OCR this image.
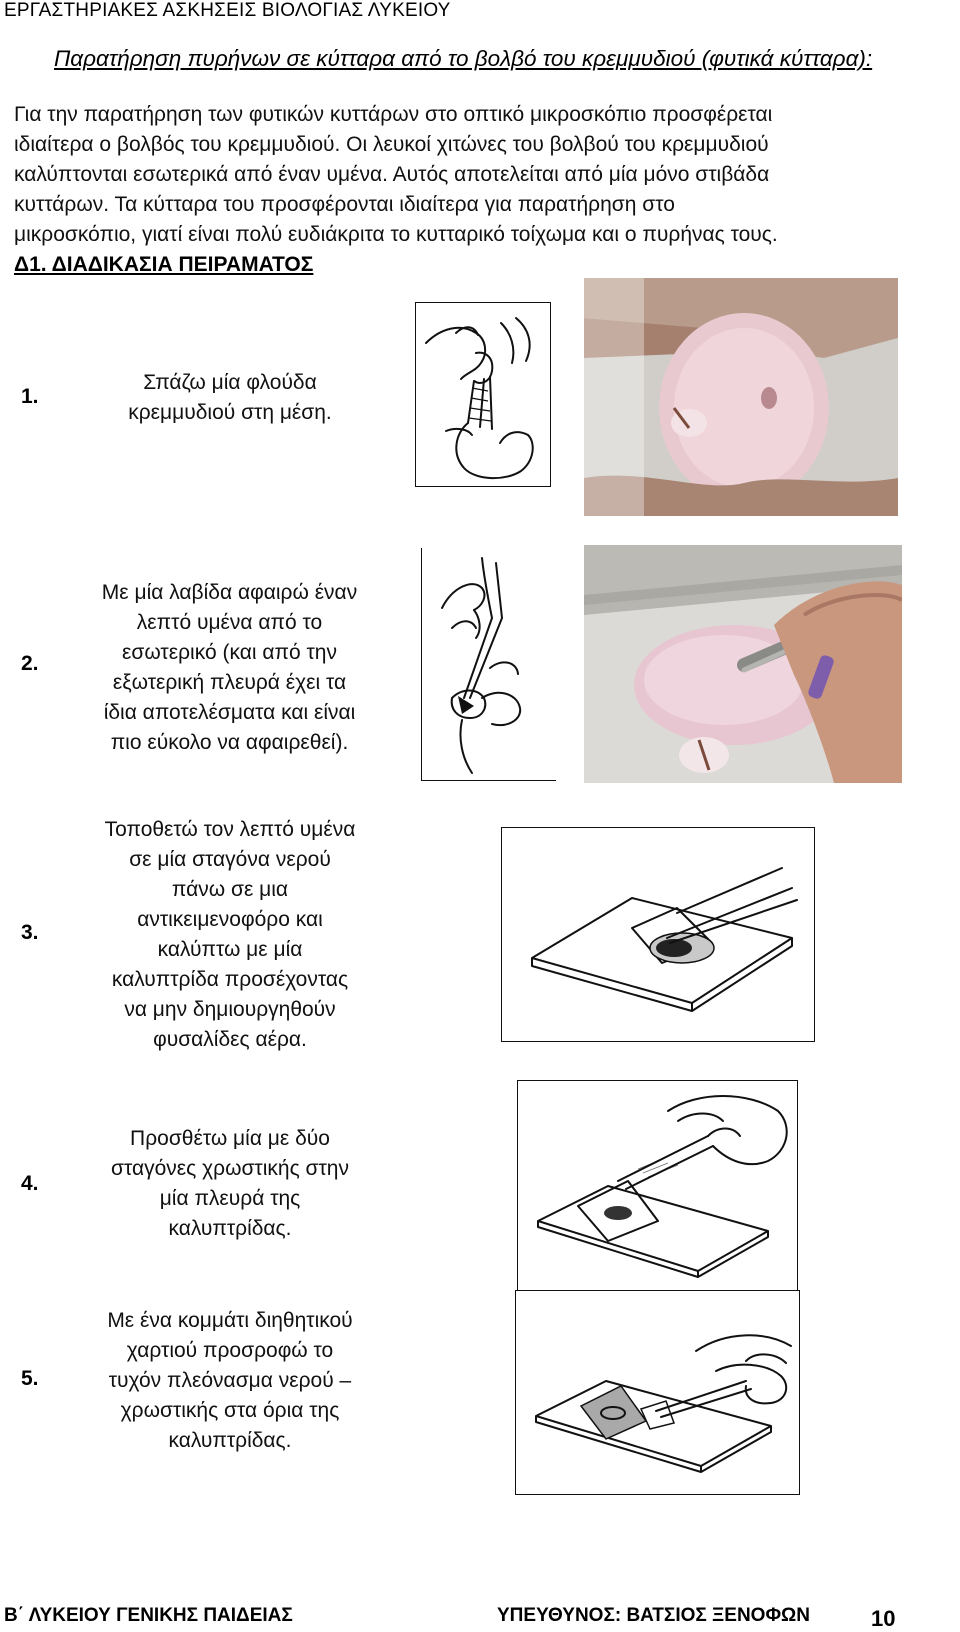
ΕΡΓΑΣΤΗΡΙΑΚΕΣ ΑΣΚΗΣΕΙΣ ΒΙΟΛΟΓΙΑΣ ΛΥΚΕΙΟΥ
Παρατήρηση πυρήνων σε κύτταρα από το βολβό του κρεμμυδιού (φυτικά κύτταρα):
Για την παρατήρηση των φυτικών κυττάρων στο οπτικό μικροσκόπιο προσφέρεται
ιδιαίτερα ο βολβός του κρεμμυδιού. Οι λευκοί χιτώνες του βολβού του κρεμμυδιού
καλύπτονται εσωτερικά από έναν υμένα. Αυτός αποτελείται από μία μόνο στιβάδα
κυττάρων. Τα κύτταρα του προσφέρονται ιδιαίτερα για παρατήρηση στο
μικροσκόπιο, γιατί είναι πολύ ευδιάκριτα το κυτταρικό τοίχωμα και ο πυρήνας τους.
Δ1. ΔΙΑΔΙΚΑΣΙΑ ΠΕΙΡΑΜΑΤΟΣ
1.
Σπάζω μία φλούδα
κρεμμυδιού στη μέση.
2.
Με μία λαβίδα αφαιρώ έναν
λεπτό υμένα από το
εσωτερικό (και από την
εξωτερική πλευρά έχει τα
ίδια αποτελέσματα και είναι
πιο εύκολο να αφαιρεθεί).
3.
Τοποθετώ τον λεπτό υμένα
σε μία σταγόνα νερού
πάνω σε μια
αντικειμενοφόρο και
καλύπτω με μία
καλυπτρίδα προσέχοντας
να μην δημιουργηθούν
φυσαλίδες αέρα.
4.
Προσθέτω μία με δύο
σταγόνες χρωστικής στην
μία πλευρά της
καλυπτρίδας.
5.
Με ένα κομμάτι διηθητικού
χαρτιού προσροφώ το
τυχόν πλεόνασμα νερού –
χρωστικής στα όρια της
καλυπτρίδας.
Β΄ ΛΥΚΕΙΟΥ ΓΕΝΙΚΗΣ ΠΑΙΔΕΙΑΣ	ΥΠΕΥΘΥΝΟΣ: ΒΑΤΣΙΟΣ ΞΕΝΟΦΩΝ	10
